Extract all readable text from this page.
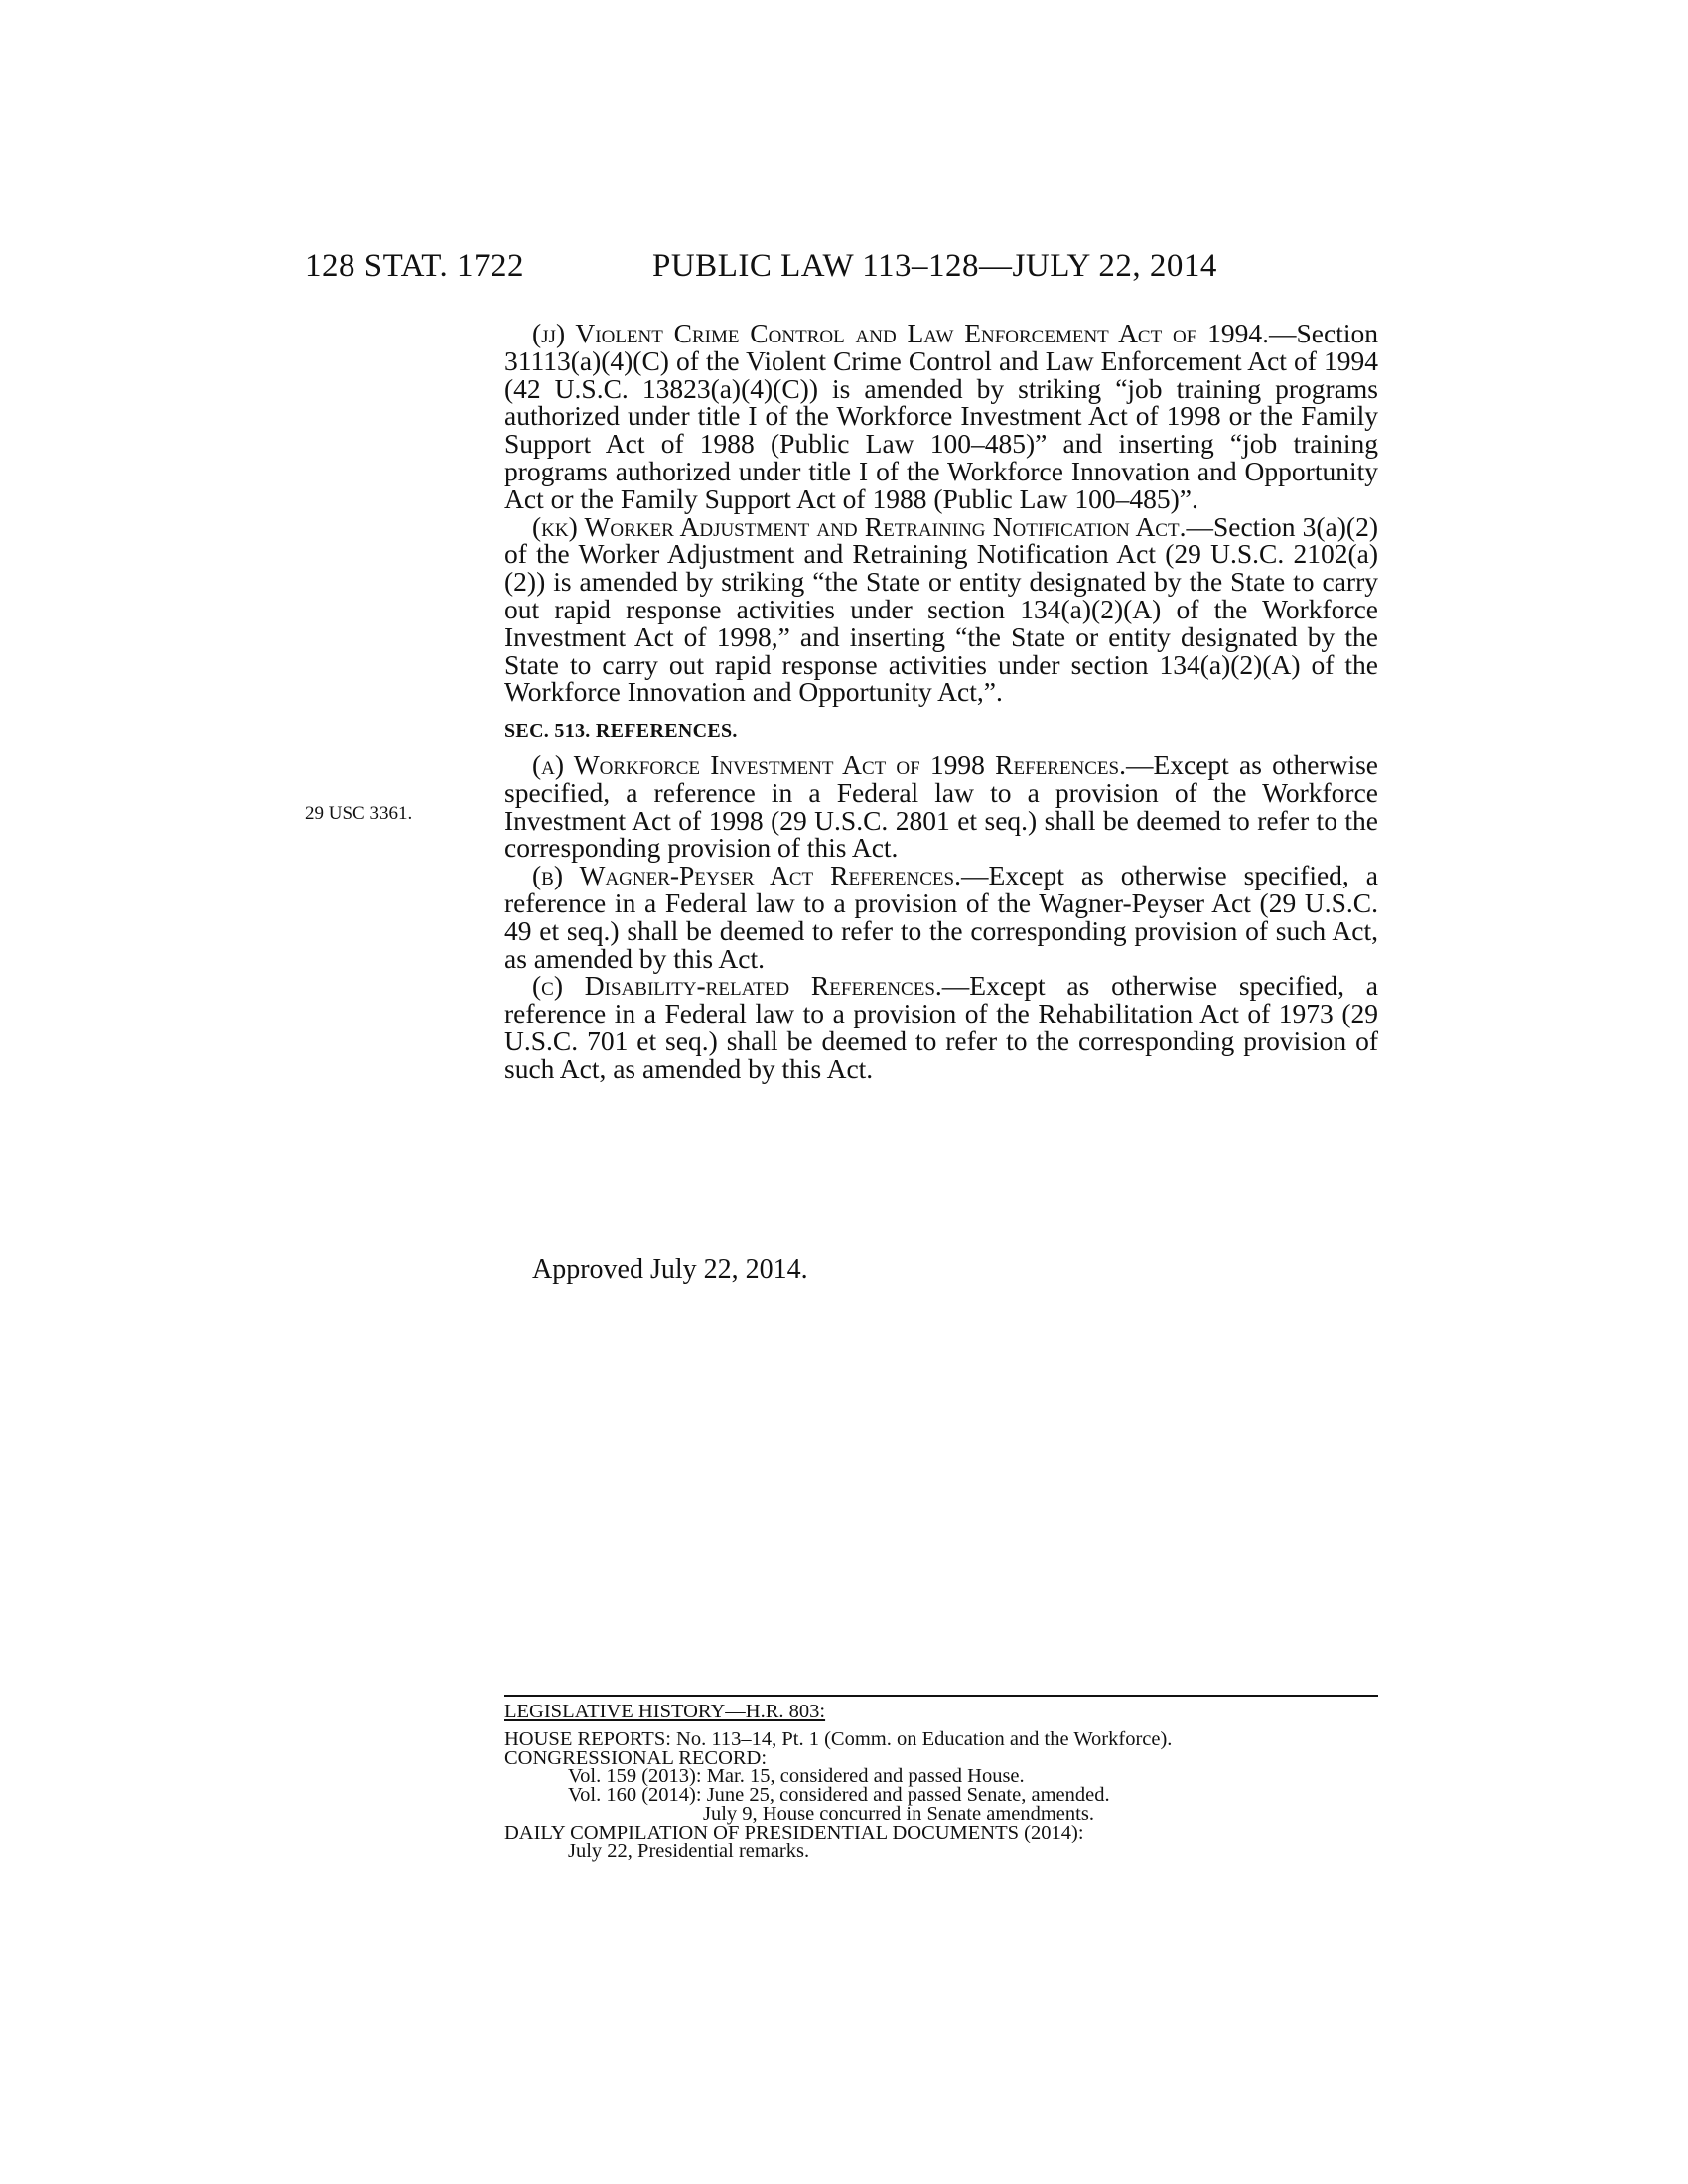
128 STAT. 1722	PUBLIC LAW 113–128—JULY 22, 2014
29 USC 3361.

(jj) Violent Crime Control and Law Enforcement Act of 1994.—Section 31113(a)(4)(C) of the Violent Crime Control and Law Enforcement Act of 1994 (42 U.S.C. 13823(a)(4)(C)) is amended by striking “job training programs authorized under title I of the Workforce Investment Act of 1998 or the Family Support Act of 1988 (Public Law 100–485)” and inserting “job training programs authorized under title I of the Workforce Innovation and Opportunity Act or the Family Support Act of 1988 (Public Law 100–485)”.

(kk) Worker Adjustment and Retraining Notification Act.—Section 3(a)(2) of the Worker Adjustment and Retraining Notification Act (29 U.S.C. 2102(a)(2)) is amended by striking “the State or entity designated by the State to carry out rapid response activities under section 134(a)(2)(A) of the Workforce Investment Act of 1998,” and inserting “the State or entity designated by the State to carry out rapid response activities under section 134(a)(2)(A) of the Workforce Innovation and Opportunity Act,”.

SEC. 513. REFERENCES.

(a) Workforce Investment Act of 1998 References.—Except as otherwise specified, a reference in a Federal law to a provision of the Workforce Investment Act of 1998 (29 U.S.C. 2801 et seq.) shall be deemed to refer to the corresponding provision of this Act.

(b) Wagner-Peyser Act References.—Except as otherwise specified, a reference in a Federal law to a provision of the Wagner-Peyser Act (29 U.S.C. 49 et seq.) shall be deemed to refer to the corresponding provision of such Act, as amended by this Act.

(c) Disability-related References.—Except as otherwise specified, a reference in a Federal law to a provision of the Rehabilitation Act of 1973 (29 U.S.C. 701 et seq.) shall be deemed to refer to the corresponding provision of such Act, as amended by this Act.

Approved July 22, 2014.
LEGISLATIVE HISTORY—H.R. 803:
HOUSE REPORTS: No. 113–14, Pt. 1 (Comm. on Education and the Workforce).
CONGRESSIONAL RECORD:
Vol. 159 (2013): Mar. 15, considered and passed House.
Vol. 160 (2014): June 25, considered and passed Senate, amended.
July 9, House concurred in Senate amendments.
DAILY COMPILATION OF PRESIDENTIAL DOCUMENTS (2014):
July 22, Presidential remarks.
